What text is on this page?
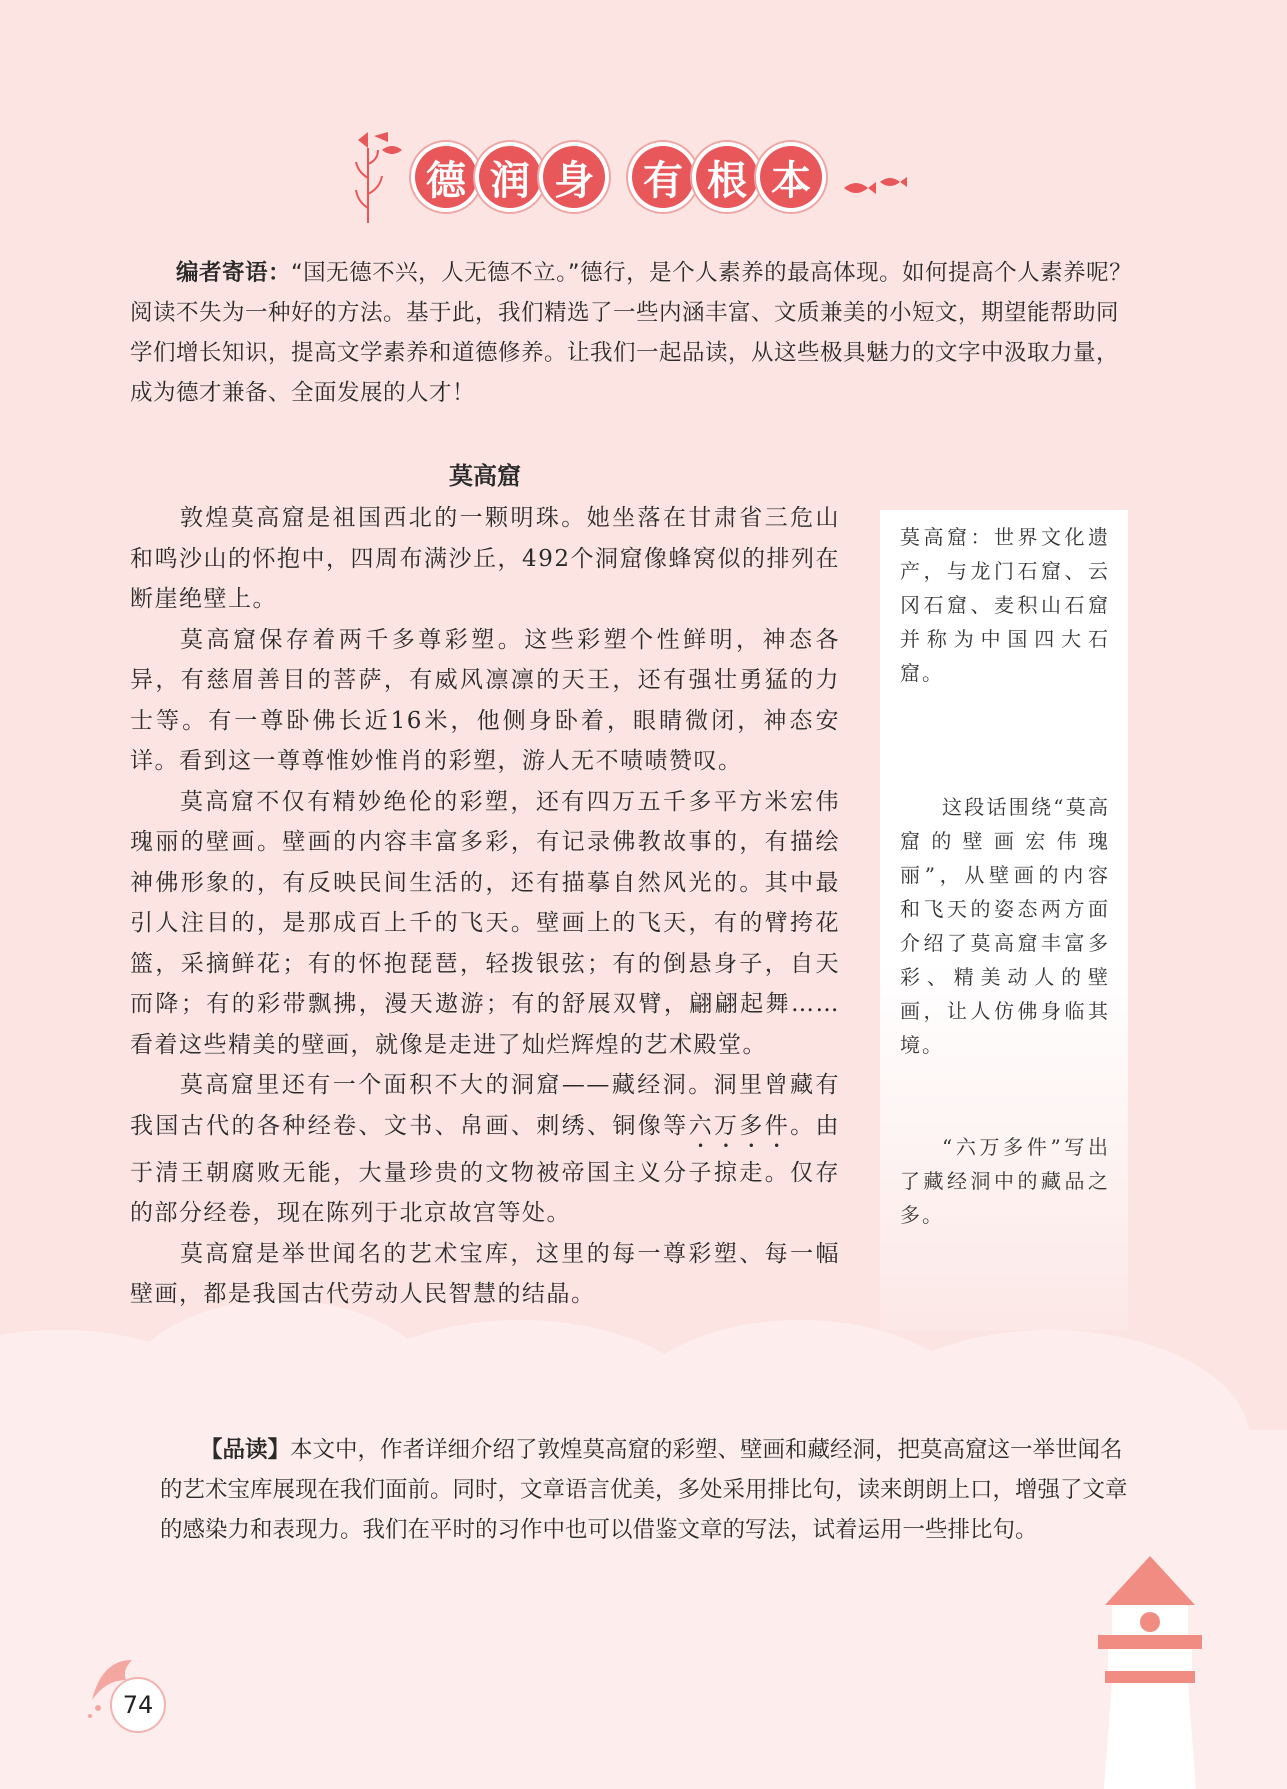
德 润 身 有 根 本
编者寄语：“国无德不兴，人无德不立。”德行，是个人素养的最高体现。如何提高个人素养呢？阅读不失为一种好的方法。基于此，我们精选了一些内涵丰富、文质兼美的小短文，期望能帮助同学们增长知识，提高文学素养和道德修养。让我们一起品读，从这些极具魅力的文字中汲取力量，成为德才兼备、全面发展的人才！
莫高窟

敦煌莫高窟是祖国西北的一颗明珠。她坐落在甘肃省三危山和鸣沙山的怀抱中，四周布满沙丘，492个洞窟像蜂窝似的排列在断崖绝壁上。

莫高窟保存着两千多尊彩塑。这些彩塑个性鲜明，神态各异，有慈眉善目的菩萨，有威风凛凛的天王，还有强壮勇猛的力士等。有一尊卧佛长近16米，他侧身卧着，眼睛微闭，神态安详。看到这一尊尊惟妙惟肖的彩塑，游人无不啧啧赞叹。

莫高窟不仅有精妙绝伦的彩塑，还有四万五千多平方米宏伟瑰丽的壁画。壁画的内容丰富多彩，有记录佛教故事的，有描绘神佛形象的，有反映民间生活的，还有描摹自然风光的。其中最引人注目的，是那成百上千的飞天。壁画上的飞天，有的臂挎花篮，采摘鲜花；有的怀抱琵琶，轻拨银弦；有的倒悬身子，自天而降；有的彩带飘拂，漫天遨游；有的舒展双臂，翩翩起舞……看着这些精美的壁画，就像是走进了灿烂辉煌的艺术殿堂。

莫高窟里还有一个面积不大的洞窟——藏经洞。洞里曾藏有我国古代的各种经卷、文书、帛画、刺绣、铜像等六万多件。由于清王朝腐败无能，大量珍贵的文物被帝国主义分子掠走。仅存的部分经卷，现在陈列于北京故宫等处。

莫高窟是举世闻名的艺术宝库，这里的每一尊彩塑、每一幅壁画，都是我国古代劳动人民智慧的结晶。

莫高窟：世界文化遗产，与龙门石窟、云冈石窟、麦积山石窟并称为中国四大石窟。
这段话围绕“莫高窟的壁画宏伟瑰丽”，从壁画的内容和飞天的姿态两方面介绍了莫高窟丰富多彩、精美动人的壁画，让人仿佛身临其境。
“六万多件”写出了藏经洞中的藏品之多。
【品读】本文中，作者详细介绍了敦煌莫高窟的彩塑、壁画和藏经洞，把莫高窟这一举世闻名的艺术宝库展现在我们面前。同时，文章语言优美，多处采用排比句，读来朗朗上口，增强了文章的感染力和表现力。我们在平时的习作中也可以借鉴文章的写法，试着运用一些排比句。
74
